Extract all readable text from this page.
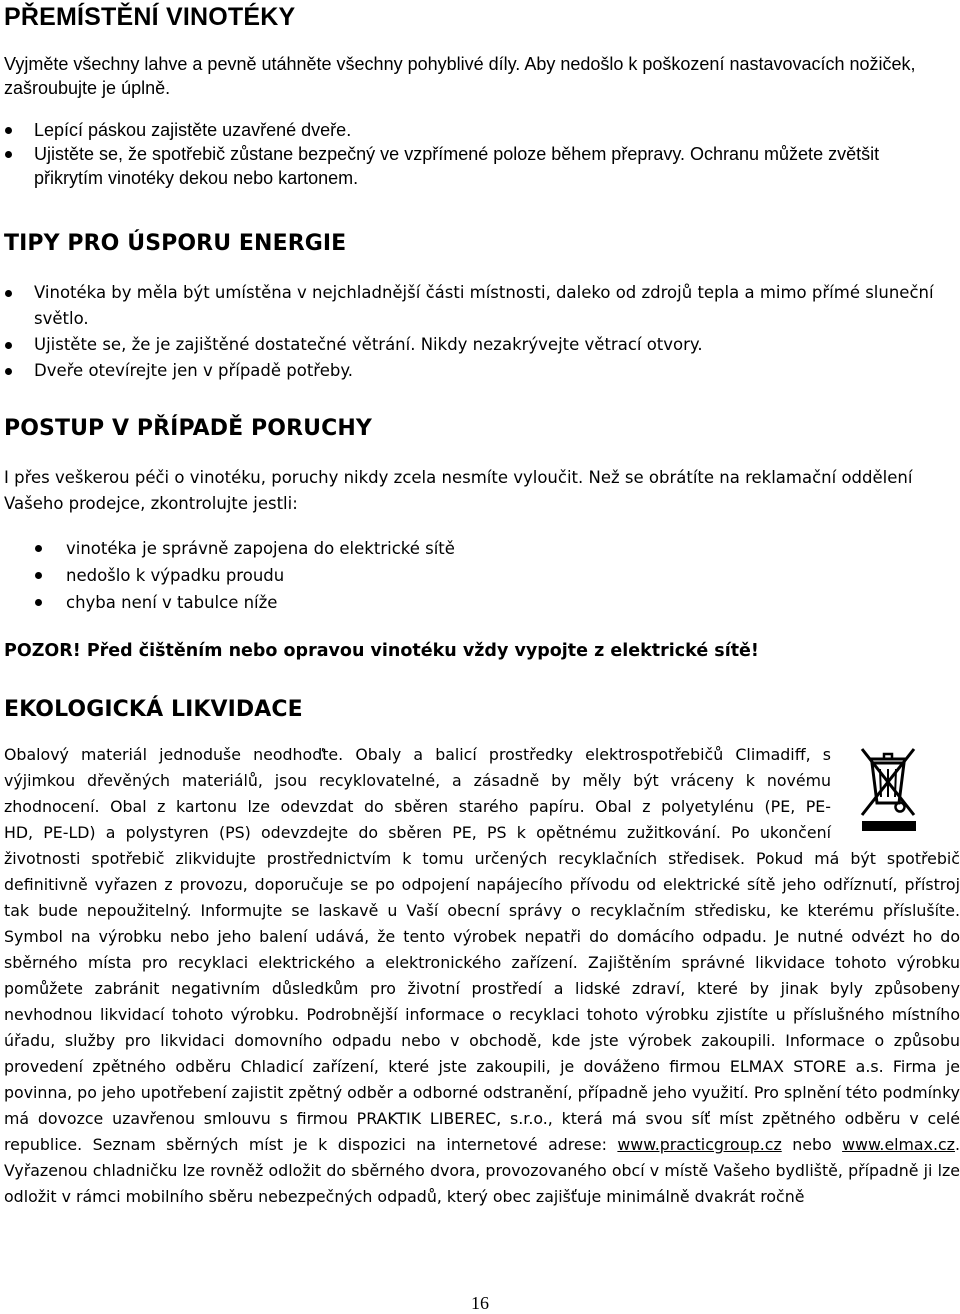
PŘEMÍSTĚNÍ VINOTÉKY

Vyjměte všechny lahve a pevně utáhněte všechny pohyblivé díly. Aby nedošlo k poškození nastavovacích nožiček, zašroubujte je úplně.

Lepící páskou zajistěte uzavřené dveře.
Ujistěte se, že spotřebič zůstane bezpečný ve vzpřímené poloze během přepravy. Ochranu můžete zvětšit přikrytím vinotéky dekou nebo kartonem.
TIPY PRO ÚSPORU ENERGIE
Vinotéka by měla být umístěna v nejchladnější části místnosti, daleko od zdrojů tepla a mimo přímé sluneční světlo.
Ujistěte se, že je zajištěné dostatečné větrání. Nikdy nezakrývejte větrací otvory.
Dveře otevírejte jen v případě potřeby.
POSTUP V PŘÍPADĚ PORUCHY

I přes veškerou péči o vinotéku, poruchy nikdy zcela nesmíte vyloučit. Než se obrátíte na reklamační oddělení Vašeho prodejce, zkontrolujte jestli:

vinotéka je správně zapojena do elektrické sítě
nedošlo k výpadku proudu
chyba není v tabulce níže

POZOR! Před čištěním nebo opravou vinotéku vždy vypojte z elektrické sítě!

EKOLOGICKÁ LIKVIDACE
Obalový materiál jednoduše neodhoďte. Obaly a balicí prostředky elektrospotřebičů Climadiff, s
výjimkou dřevěných materiálů, jsou recyklovatelné, a zásadně by měly být vráceny k novému
zhodnocení. Obal z kartonu lze odevzdat do sběren starého papíru. Obal z polyetylénu (PE, PE-
HD, PE-LD) a polystyren (PS) odevzdejte do sběren PE, PS k opětnému zužitkování. Po ukončení

životnosti spotřebič zlikvidujte prostřednictvím k tomu určených recyklačních středisek. Pokud má být spotřebič definitivně vyřazen z provozu, doporučuje se po odpojení napájecího přívodu od elektrické sítě jeho odříznutí, přístroj tak bude nepoužitelný. Informujte se laskavě u Vaší obecní správy o recyklačním středisku, ke kterému příslušíte. Symbol na výrobku nebo jeho balení udává, že tento výrobek nepatři do domácího odpadu. Je nutné odvézt ho do sběrného místa pro recyklaci elektrického a elektronického zařízení. Zajištěním správné likvidace tohoto výrobku pomůžete zabránit negativním důsledkům pro životní prostředí a lidské zdraví, které by jinak byly způsobeny nevhodnou likvidací tohoto výrobku. Podrobnější informace o recyklaci tohoto výrobku zjistíte u příslušného místního úřadu, služby pro likvidaci domovního odpadu nebo v obchodě, kde jste výrobek zakoupili. Informace o způsobu provedení zpětného odběru Chladicí zařízení, které jste zakoupili, je dováženo firmou ELMAX STORE a.s. Firma je povinna, po jeho upotřebení zajistit zpětný odběr a odborné odstranění, případně jeho využití. Pro splnění této podmínky má dovozce uzavřenou smlouvu s firmou PRAKTIK LIBEREC, s.r.o., která má svou síť míst zpětného odběru v celé republice. Seznam sběrných míst je k dispozici na internetové adrese: www.practicgroup.cz nebo www.elmax.cz. Vyřazenou chladničku lze rovněž odložit do sběrného dvora, provozovaného obcí v místě Vašeho bydliště, případně ji lze odložit v rámci mobilního sběru nebezpečných odpadů, který obec zajišťuje minimálně dvakrát ročně

16
